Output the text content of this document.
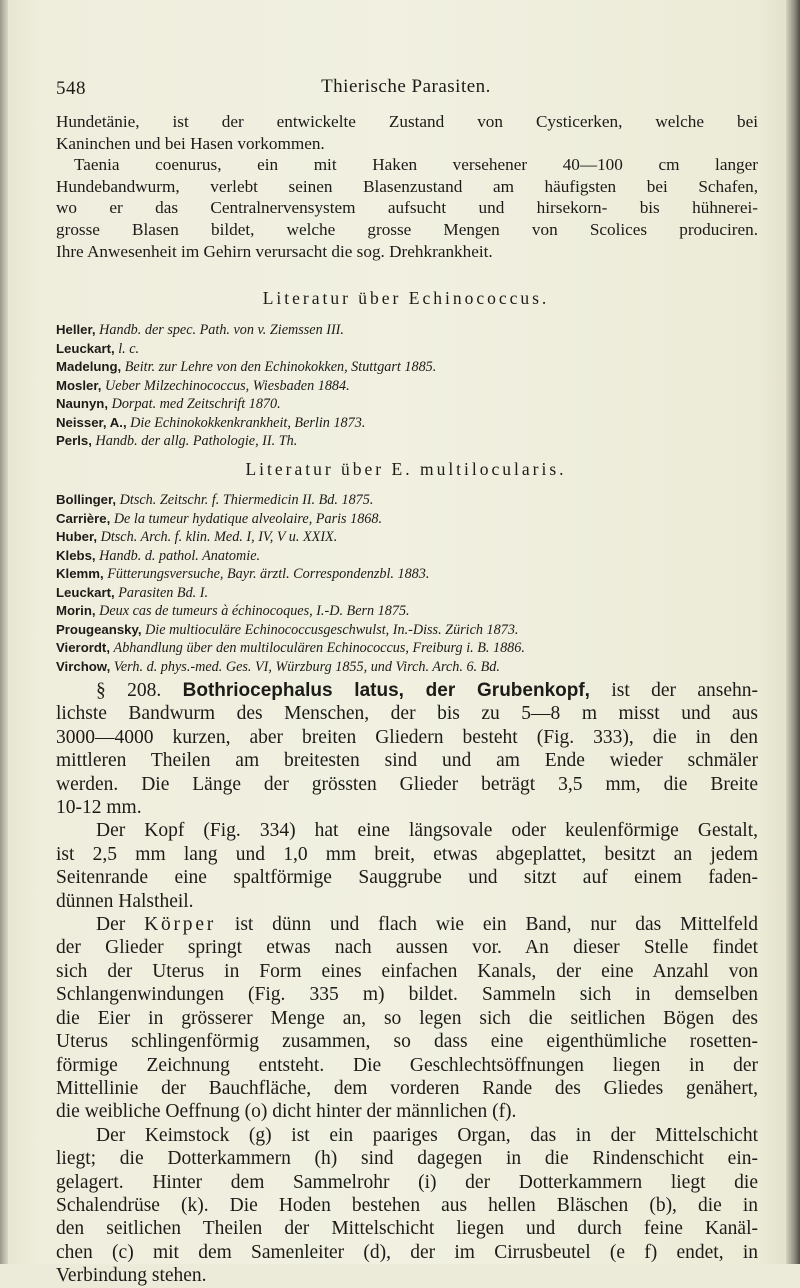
548	Thierische Parasiten.
Hundetänie, ist der entwickelte Zustand von Cysticerken, welche bei
Kaninchen und bei Hasen vorkommen.
Taenia coenurus, ein mit Haken versehener 40—100 cm langer
Hundebandwurm, verlebt seinen Blasenzustand am häufigsten bei Schafen,
wo er das Centralnervensystem aufsucht und hirsekorn- bis hühnerei-
grosse Blasen bildet, welche grosse Mengen von Scolices produciren.
Ihre Anwesenheit im Gehirn verursacht die sog. Drehkrankheit.
Literatur über Echinococcus.
Heller, Handb. der spec. Path. von v. Ziemssen III.
Leuckart, l. c.
Madelung, Beitr. zur Lehre von den Echinokokken, Stuttgart 1885.
Mosler, Ueber Milzechinococcus, Wiesbaden 1884.
Naunyn, Dorpat. med Zeitschrift 1870.
Neisser, A., Die Echinokokkenkrankheit, Berlin 1873.
Perls, Handb. der allg. Pathologie, II. Th.
Literatur über E. multilocularis.
Bollinger, Dtsch. Zeitschr. f. Thiermedicin II. Bd. 1875.
Carrière, De la tumeur hydatique alveolaire, Paris 1868.
Huber, Dtsch. Arch. f. klin. Med. I, IV, V u. XXIX.
Klebs, Handb. d. pathol. Anatomie.
Klemm, Fütterungsversuche, Bayr. ärztl. Correspondenzbl. 1883.
Leuckart, Parasiten Bd. I.
Morin, Deux cas de tumeurs à échinocoques, I.-D. Bern 1875.
Prougeansky, Die multioculäre Echinococcusgeschwulst, In.-Diss. Zürich 1873.
Vierordt, Abhandlung über den multiloculären Echinococcus, Freiburg i. B. 1886.
Virchow, Verh. d. phys.-med. Ges. VI, Würzburg 1855, und Virch. Arch. 6. Bd.
§ 208. Bothriocephalus latus, der Grubenkopf, ist der ansehn-
lichste Bandwurm des Menschen, der bis zu 5—8 m misst und aus
3000—4000 kurzen, aber breiten Gliedern besteht (Fig. 333), die in den
mittleren Theilen am breitesten sind und am Ende wieder schmäler
werden. Die Länge der grössten Glieder beträgt 3,5 mm, die Breite
10-12 mm.
Der Kopf (Fig. 334) hat eine längsovale oder keulenförmige Gestalt,
ist 2,5 mm lang und 1,0 mm breit, etwas abgeplattet, besitzt an jedem
Seitenrande eine spaltförmige Sauggrube und sitzt auf einem faden-
dünnen Halstheil.
Der Körper ist dünn und flach wie ein Band, nur das Mittelfeld
der Glieder springt etwas nach aussen vor. An dieser Stelle findet
sich der Uterus in Form eines einfachen Kanals, der eine Anzahl von
Schlangenwindungen (Fig. 335 m) bildet. Sammeln sich in demselben
die Eier in grösserer Menge an, so legen sich die seitlichen Bögen des
Uterus schlingenförmig zusammen, so dass eine eigenthümliche rosetten-
förmige Zeichnung entsteht. Die Geschlechtsöffnungen liegen in der
Mittellinie der Bauchfläche, dem vorderen Rande des Gliedes genähert,
die weibliche Oeffnung (o) dicht hinter der männlichen (f).
Der Keimstock (g) ist ein paariges Organ, das in der Mittelschicht
liegt; die Dotterkammern (h) sind dagegen in die Rindenschicht ein-
gelagert. Hinter dem Sammelrohr (i) der Dotterkammern liegt die
Schalendrüse (k). Die Hoden bestehen aus hellen Bläschen (b), die in
den seitlichen Theilen der Mittelschicht liegen und durch feine Kanäl-
chen (c) mit dem Samenleiter (d), der im Cirrusbeutel (e f) endet, in
Verbindung stehen.
